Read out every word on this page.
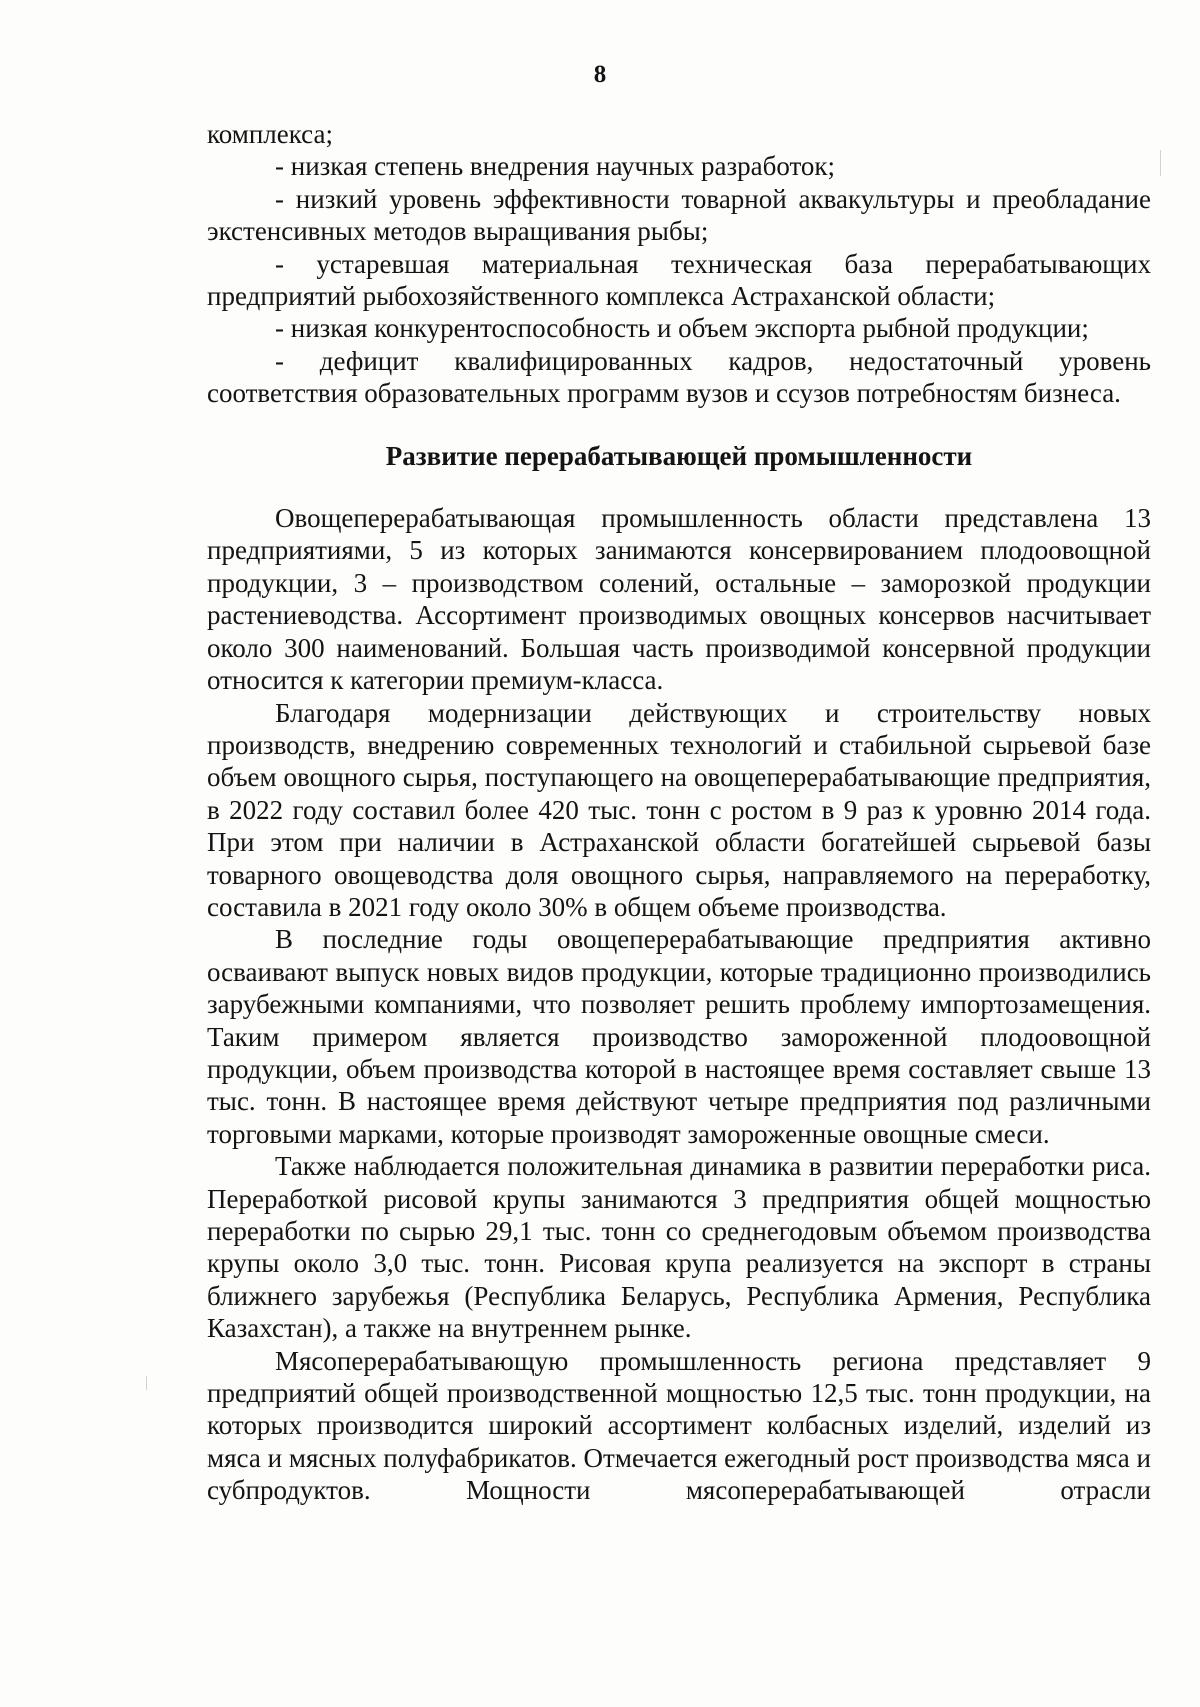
8

комплекса;

- низкая степень внедрения научных разработок;

- низкий уровень эффективности товарной аквакультуры и преобладание экстенсивных методов выращивания рыбы;

- устаревшая материальная техническая база перерабатывающих предприятий рыбохозяйственного комплекса Астраханской области;

- низкая конкурентоспособность и объем экспорта рыбной продукции;

- дефицит квалифицированных кадров, недостаточный уровень соответствия образовательных программ вузов и ссузов потребностям бизнеса.

Развитие перерабатывающей промышленности

Овощеперерабатывающая промышленность области представлена 13 предприятиями, 5 из которых занимаются консервированием плодоовощной продукции, 3 – производством солений, остальные – заморозкой продукции растениеводства. Ассортимент производимых овощных консервов насчитывает около 300 наименований. Большая часть производимой консервной продукции относится к категории премиум-класса.

Благодаря модернизации действующих и строительству новых производств, внедрению современных технологий и стабильной сырьевой базе объем овощного сырья, поступающего на овощеперерабатывающие предприятия, в 2022 году составил более 420 тыс. тонн с ростом в 9 раз к уровню 2014 года. При этом при наличии в Астраханской области богатейшей сырьевой базы товарного овощеводства доля овощного сырья, направляемого на переработку, составила в 2021 году около 30% в общем объеме производства.

В последние годы овощеперерабатывающие предприятия активно осваивают выпуск новых видов продукции, которые традиционно производились зарубежными компаниями, что позволяет решить проблему импортозамещения. Таким примером является производство замороженной плодоовощной продукции, объем производства которой в настоящее время составляет свыше 13 тыс. тонн. В настоящее время действуют четыре предприятия под различными торговыми марками, которые производят замороженные овощные смеси.

Также наблюдается положительная динамика в развитии переработки риса. Переработкой рисовой крупы занимаются 3 предприятия общей мощностью переработки по сырью 29,1 тыс. тонн со среднегодовым объемом производства крупы около 3,0 тыс. тонн. Рисовая крупа реализуется на экспорт в страны ближнего зарубежья (Республика Беларусь, Республика Армения, Республика Казахстан), а также на внутреннем рынке.

Мясоперерабатывающую промышленность региона представляет 9 предприятий общей производственной мощностью 12,5 тыс. тонн продукции, на которых производится широкий ассортимент колбасных изделий, изделий из мяса и мясных полуфабрикатов. Отмечается ежегодный рост производства мяса и субпродуктов. Мощности мясоперерабатывающей отрасли
